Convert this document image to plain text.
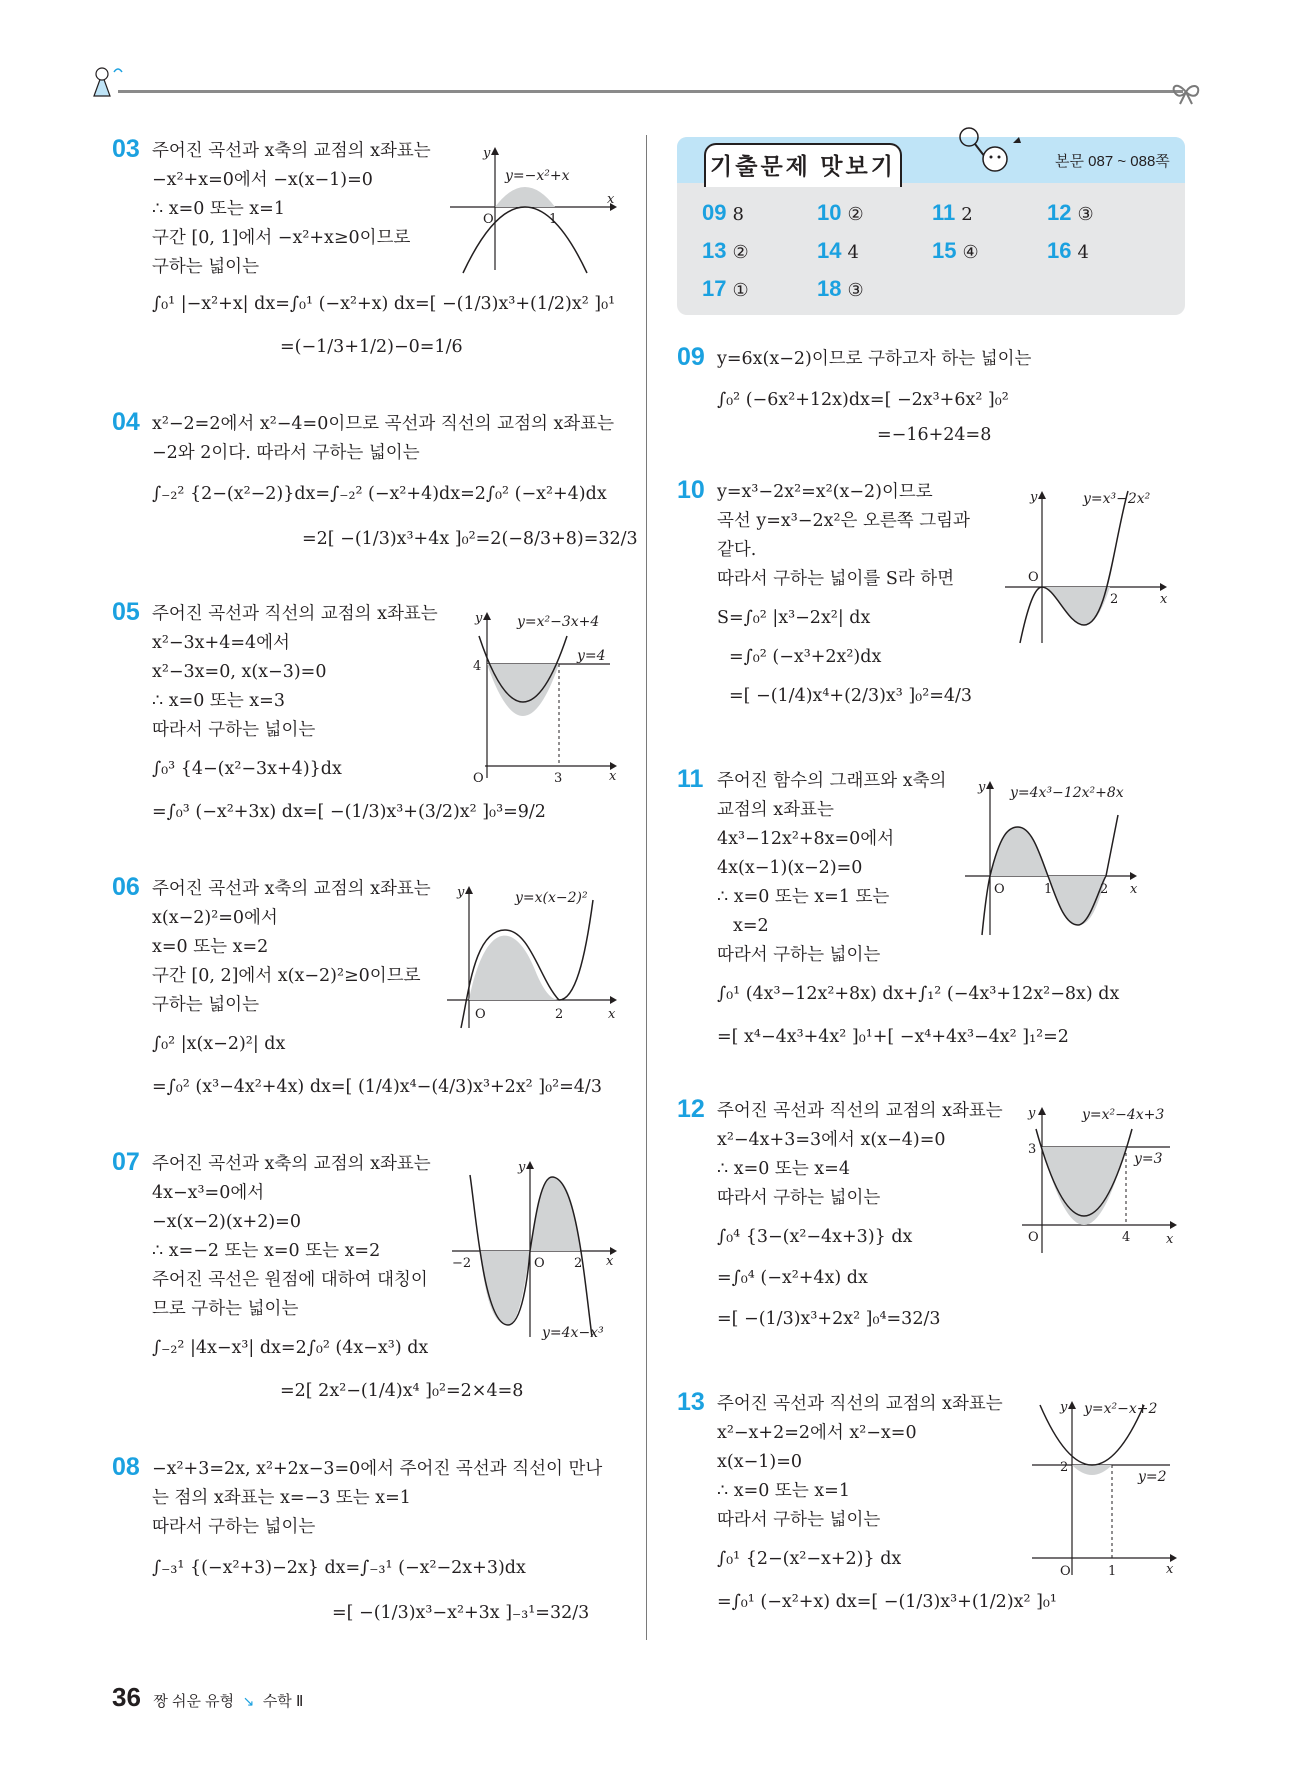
03 주어진 곡선과 x축의 교점의 x좌표는
−x²+x=0에서 −x(x−1)=0
∴ x=0 또는 x=1
구간 [0, 1]에서 −x²+x≥0이므로
구하는 넓이는
∫₀¹ |−x²+x| dx=∫₀¹ (−x²+x) dx=[ −(1/3)x³+(1/2)x² ]₀¹
=(−1/3+1/2)−0=1/6
y
x
O	1
y=−x²+x
04 x²−2=2에서 x²−4=0이므로 곡선과 직선의 교점의 x좌표는
−2와 2이다. 따라서 구하는 넓이는
∫₋₂² {2−(x²−2)}dx=∫₋₂² (−x²+4)dx=2∫₀² (−x²+4)dx
=2[ −(1/3)x³+4x ]₀²=2(−8/3+8)=32/3
05 주어진 곡선과 직선의 교점의 x좌표는
x²−3x+4=4에서
x²−3x=0, x(x−3)=0
∴ x=0 또는 x=3
따라서 구하는 넓이는
∫₀³ {4−(x²−3x+4)}dx
=∫₀³ (−x²+3x) dx=[ −(1/3)x³+(3/2)x² ]₀³=9/2
y
x
O
4
3
y=x²−3x+4
y=4
06 주어진 곡선과 x축의 교점의 x좌표는
x(x−2)²=0에서
x=0 또는 x=2
구간 [0, 2]에서 x(x−2)²≥0이므로
구하는 넓이는
∫₀² |x(x−2)²| dx
=∫₀² (x³−4x²+4x) dx=[ (1/4)x⁴−(4/3)x³+2x² ]₀²=4/3
y
x
O	2
y=x(x−2)²
07 주어진 곡선과 x축의 교점의 x좌표는
4x−x³=0에서
−x(x−2)(x+2)=0
∴ x=−2 또는 x=0 또는 x=2
주어진 곡선은 원점에 대하여 대칭이
므로 구하는 넓이는
∫₋₂² |4x−x³| dx=2∫₀² (4x−x³) dx
=2[ 2x²−(1/4)x⁴ ]₀²=2×4=8
y
x
O
−2	2
y=4x−x³
08 −x²+3=2x, x²+2x−3=0에서 주어진 곡선과 직선이 만나
는 점의 x좌표는 x=−3 또는 x=1
따라서 구하는 넓이는
∫₋₃¹ {(−x²+3)−2x} dx=∫₋₃¹ (−x²−2x+3)dx
=[ −(1/3)x³−x²+3x ]₋₃¹=32/3
기출문제 맛보기	본문 087 ~ 088쪽
09 8	10 ②	11 2	12 ③
13 ②	14 4	15 ④	16 4
17 ①	18 ③
09 y=6x(x−2)이므로 구하고자 하는 넓이는
∫₀² (−6x²+12x)dx=[ −2x³+6x² ]₀²
=−16+24=8
10 y=x³−2x²=x²(x−2)이므로
곡선 y=x³−2x²은 오른쪽 그림과
같다.
따라서 구하는 넓이를 S라 하면
S=∫₀² |x³−2x²| dx
=∫₀² (−x³+2x²)dx
=[ −(1/4)x⁴+(2/3)x³ ]₀²=4/3
y
x
O
2
y=x³−2x²
11 주어진 함수의 그래프와 x축의
교점의 x좌표는
4x³−12x²+8x=0에서
4x(x−1)(x−2)=0
∴ x=0 또는 x=1 또는
x=2
따라서 구하는 넓이는
∫₀¹ (4x³−12x²+8x) dx+∫₁² (−4x³+12x²−8x) dx
=[ x⁴−4x³+4x² ]₀¹+[ −x⁴+4x³−4x² ]₁²=2
y
x
O	1	2
y=4x³−12x²+8x
12 주어진 곡선과 직선의 교점의 x좌표는
x²−4x+3=3에서 x(x−4)=0
∴ x=0 또는 x=4
따라서 구하는 넓이는
∫₀⁴ {3−(x²−4x+3)} dx
=∫₀⁴ (−x²+4x) dx
=[ −(1/3)x³+2x² ]₀⁴=32/3
y
x
O
3
4
y=x²−4x+3
y=3
13 주어진 곡선과 직선의 교점의 x좌표는
x²−x+2=2에서 x²−x=0
x(x−1)=0
∴ x=0 또는 x=1
따라서 구하는 넓이는
∫₀¹ {2−(x²−x+2)} dx
=∫₀¹ (−x²+x) dx=[ −(1/3)x³+(1/2)x² ]₀¹
y
x
O
2
1
y=x²−x+2
y=2
36 짱 쉬운 유형 ↘ 수학 Ⅱ
